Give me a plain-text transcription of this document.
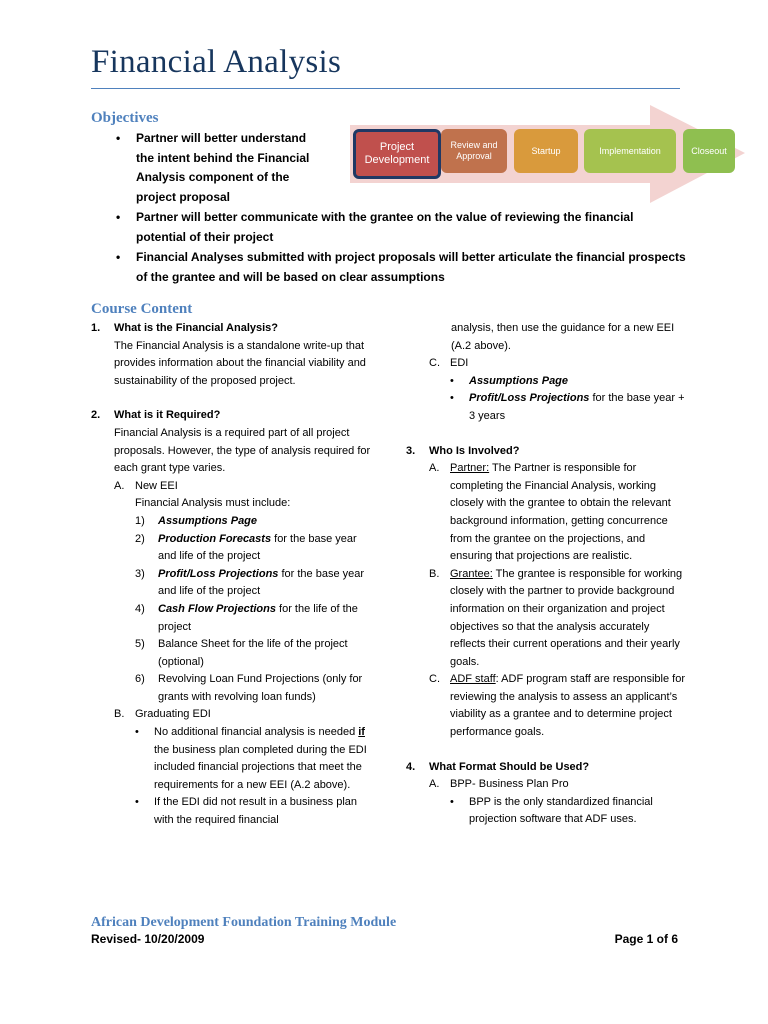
Financial Analysis
Objectives
• Partner will better understand the intent behind the Financial Analysis component of the project proposal
• Partner will better communicate with the grantee on the value of reviewing the financial potential of their project
• Financial Analyses submitted with project proposals will better articulate the financial prospects of the grantee and will be based on clear assumptions
Project Development
Review and Approval
Startup	Implementation	Closeout
Course Content
1. What is the Financial Analysis?
The Financial Analysis is a standalone write-up that provides information about the financial viability and sustainability of the proposed project.
2. What is it Required?
Financial Analysis is a required part of all project proposals. However, the type of analysis required for each grant type varies.
A. New EEI
Financial Analysis must include:
1) Assumptions Page
2) Production Forecasts for the base year and life of the project
3) Profit/Loss Projections for the base year and life of the project
4) Cash Flow Projections for the life of the project
5) Balance Sheet for the life of the project (optional)
6) Revolving Loan Fund Projections (only for grants with revolving loan funds)
B. Graduating EDI
• No additional financial analysis is needed if the business plan completed during the EDI included financial projections that meet the requirements for a new EEI (A.2 above).
• If the EDI did not result in a business plan with the required financial
analysis, then use the guidance for a new EEI (A.2 above).
C. EDI
• Assumptions Page
• Profit/Loss Projections for the base year + 3 years
3. Who Is Involved?
A. Partner: The Partner is responsible for completing the Financial Analysis, working closely with the grantee to obtain the relevant background information, getting concurrence from the grantee on the projections, and ensuring that projections are realistic.
B. Grantee: The grantee is responsible for working closely with the partner to provide background information on their organization and project objectives so that the analysis accurately reflects their current operations and their yearly goals.
C. ADF staff: ADF program staff are responsible for reviewing the analysis to assess an applicant’s viability as a grantee and to determine project performance goals.
4. What Format Should be Used?
A. BPP- Business Plan Pro
• BPP is the only standardized financial projection software that ADF uses.
African Development Foundation Training Module
Revised- 10/20/2009	Page 1 of 6
